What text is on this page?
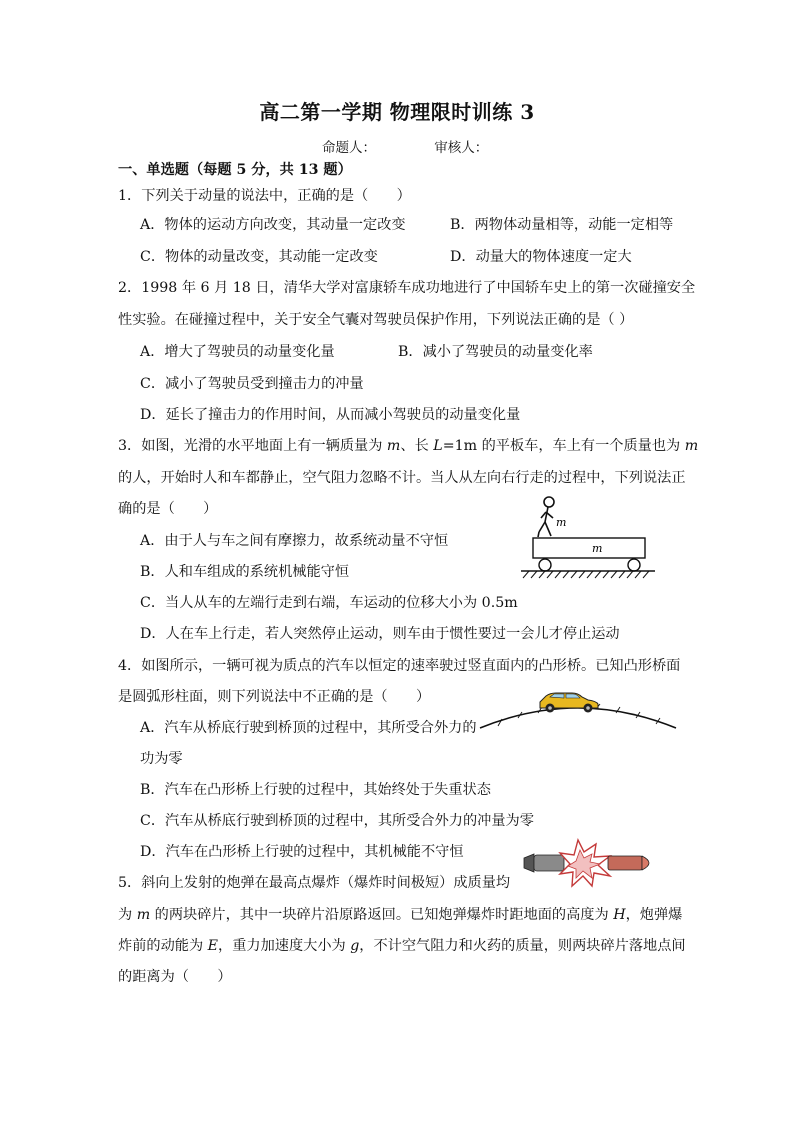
高二第一学期 物理限时训练 3
命题人：	审核人：
一、单选题（每题 5 分，共 13 题）
1．下列关于动量的说法中，正确的是（　　）
A．物体的运动方向改变，其动量一定改变	B．两物体动量相等，动能一定相等
C．物体的动量改变，其动能一定改变	D．动量大的物体速度一定大
2．1998 年 6 月 18 日，清华大学对富康轿车成功地进行了中国轿车史上的第一次碰撞安全
性实验。在碰撞过程中，关于安全气囊对驾驶员保护作用，下列说法正确的是（ ）
A．增大了驾驶员的动量变化量	B．减小了驾驶员的动量变化率
C．减小了驾驶员受到撞击力的冲量
D．延长了撞击力的作用时间，从而减小驾驶员的动量变化量
3．如图，光滑的水平地面上有一辆质量为 m、长 L=1m 的平板车，车上有一个质量也为 m
的人，开始时人和车都静止，空气阻力忽略不计。当人从左向右行走的过程中，下列说法正
确的是（　　）
A．由于人与车之间有摩擦力，故系统动量不守恒
B．人和车组成的系统机械能守恒
C．当人从车的左端行走到右端，车运动的位移大小为 0.5m
D．人在车上行走，若人突然停止运动，则车由于惯性要过一会儿才停止运动
m
m
4．如图所示，一辆可视为质点的汽车以恒定的速率驶过竖直面内的凸形桥。已知凸形桥面
是圆弧形柱面，则下列说法中不正确的是（　　）
A．汽车从桥底行驶到桥顶的过程中，其所受合外力的
功为零
B．汽车在凸形桥上行驶的过程中，其始终处于失重状态
C．汽车从桥底行驶到桥顶的过程中，其所受合外力的冲量为零
D．汽车在凸形桥上行驶的过程中，其机械能不守恒
5．斜向上发射的炮弹在最高点爆炸（爆炸时间极短）成质量均
为 m 的两块碎片，其中一块碎片沿原路返回。已知炮弹爆炸时距地面的高度为 H，炮弹爆
炸前的动能为 E，重力加速度大小为 g，不计空气阻力和火药的质量，则两块碎片落地点间
的距离为（　　）
